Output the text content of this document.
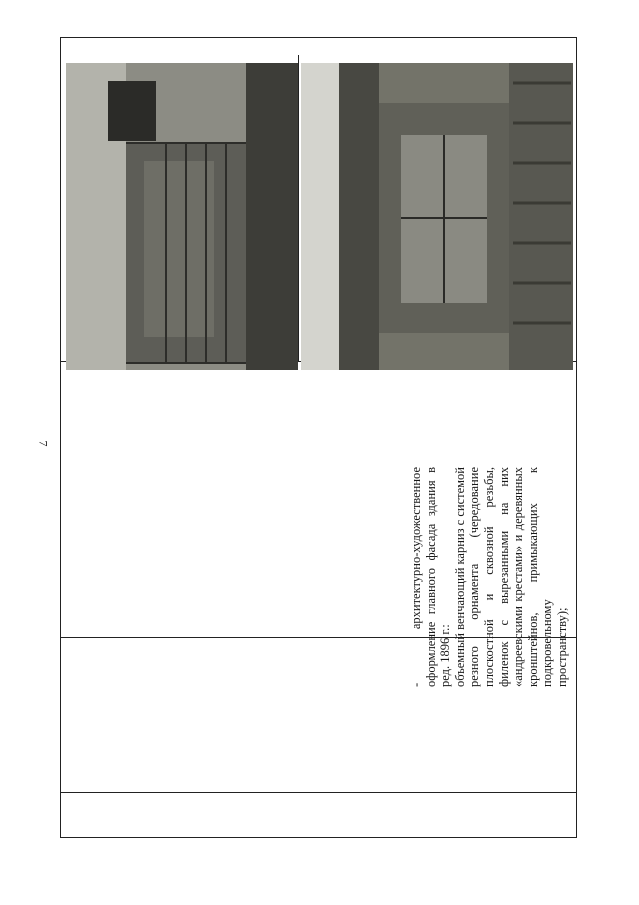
7

- архитектурно-художественное оформление главного фасада здания в ред. 1896 г.: объемный венчающий карниз с системой резного орнамента (чередование плоскостной и сквозной резьбы, филенок с вырезанными на них «андреевскими крестами» и деревянных кронштейнов, примыкающих к подкровельному пространству);
